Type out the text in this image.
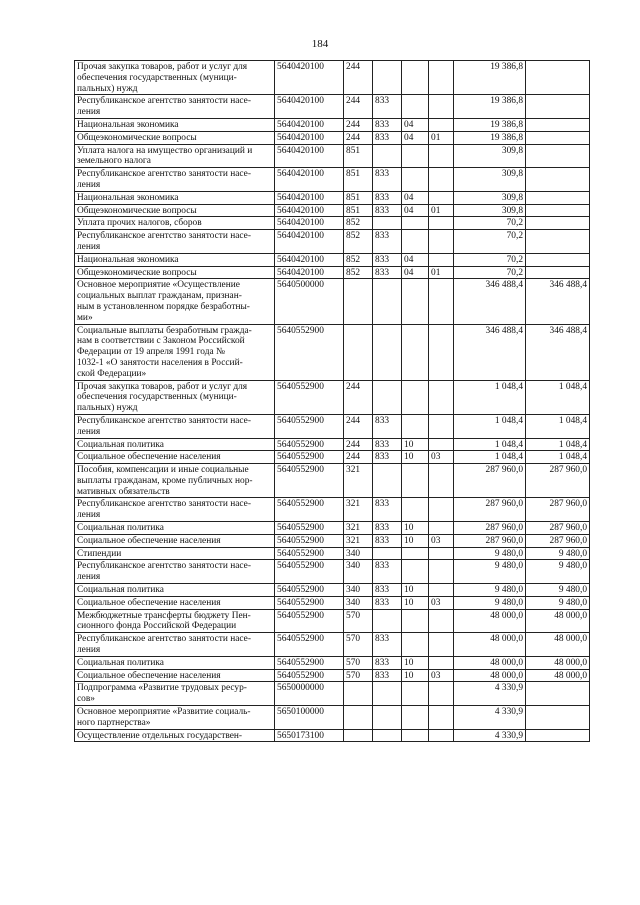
184
Прочая закупка товаров, работ и услуг для
обеспечения государственных (муници-
пальных) нужд	5640420100	244				19 386,8	

Республиканское агентство занятости насе-
ления	5640420100	244	833			19 386,8	

Национальная экономика	5640420100	244	833	04		19 386,8	

Общеэкономические вопросы	5640420100	244	833	04	01	19 386,8	

Уплата налога на имущество организаций и
земельного налога	5640420100	851				309,8	

Республиканское агентство занятости насе-
ления	5640420100	851	833			309,8	

Национальная экономика	5640420100	851	833	04		309,8	

Общеэкономические вопросы	5640420100	851	833	04	01	309,8	

Уплата прочих налогов, сборов	5640420100	852				70,2	

Республиканское агентство занятости насе-
ления	5640420100	852	833			70,2	

Национальная экономика	5640420100	852	833	04		70,2	

Общеэкономические вопросы	5640420100	852	833	04	01	70,2	

Основное мероприятие «Осуществление
социальных выплат гражданам, признан-
ным в установленном порядке безработны-
ми»	5640500000					346 488,4	346 488,4

Социальные выплаты безработным гражда-
нам в соответствии с Законом Российской
Федерации от 19 апреля 1991 года №
1032-1 «О занятости населения в Россий-
ской Федерации»	5640552900					346 488,4	346 488,4

Прочая закупка товаров, работ и услуг для
обеспечения государственных (муници-
пальных) нужд	5640552900	244				1 048,4	1 048,4

Республиканское агентство занятости насе-
ления	5640552900	244	833			1 048,4	1 048,4

Социальная политика	5640552900	244	833	10		1 048,4	1 048,4

Социальное обеспечение населения	5640552900	244	833	10	03	1 048,4	1 048,4

Пособия, компенсации и иные социальные
выплаты гражданам, кроме публичных нор-
мативных обязательств	5640552900	321				287 960,0	287 960,0

Республиканское агентство занятости насе-
ления	5640552900	321	833			287 960,0	287 960,0

Социальная политика	5640552900	321	833	10		287 960,0	287 960,0

Социальное обеспечение населения	5640552900	321	833	10	03	287 960,0	287 960,0

Стипендии	5640552900	340				9 480,0	9 480,0

Республиканское агентство занятости насе-
ления	5640552900	340	833			9 480,0	9 480,0

Социальная политика	5640552900	340	833	10		9 480,0	9 480,0

Социальное обеспечение населения	5640552900	340	833	10	03	9 480,0	9 480,0

Межбюджетные трансферты бюджету Пен-
сионного фонда Российской Федерации	5640552900	570				48 000,0	48 000,0

Республиканское агентство занятости насе-
ления	5640552900	570	833			48 000,0	48 000,0

Социальная политика	5640552900	570	833	10		48 000,0	48 000,0

Социальное обеспечение населения	5640552900	570	833	10	03	48 000,0	48 000,0

Подпрограмма «Развитие трудовых ресур-
сов»	5650000000					4 330,9	

Основное мероприятие «Развитие социаль-
ного партнерства»	5650100000					4 330,9	

Осуществление отдельных государствен-	5650173100					4 330,9	
